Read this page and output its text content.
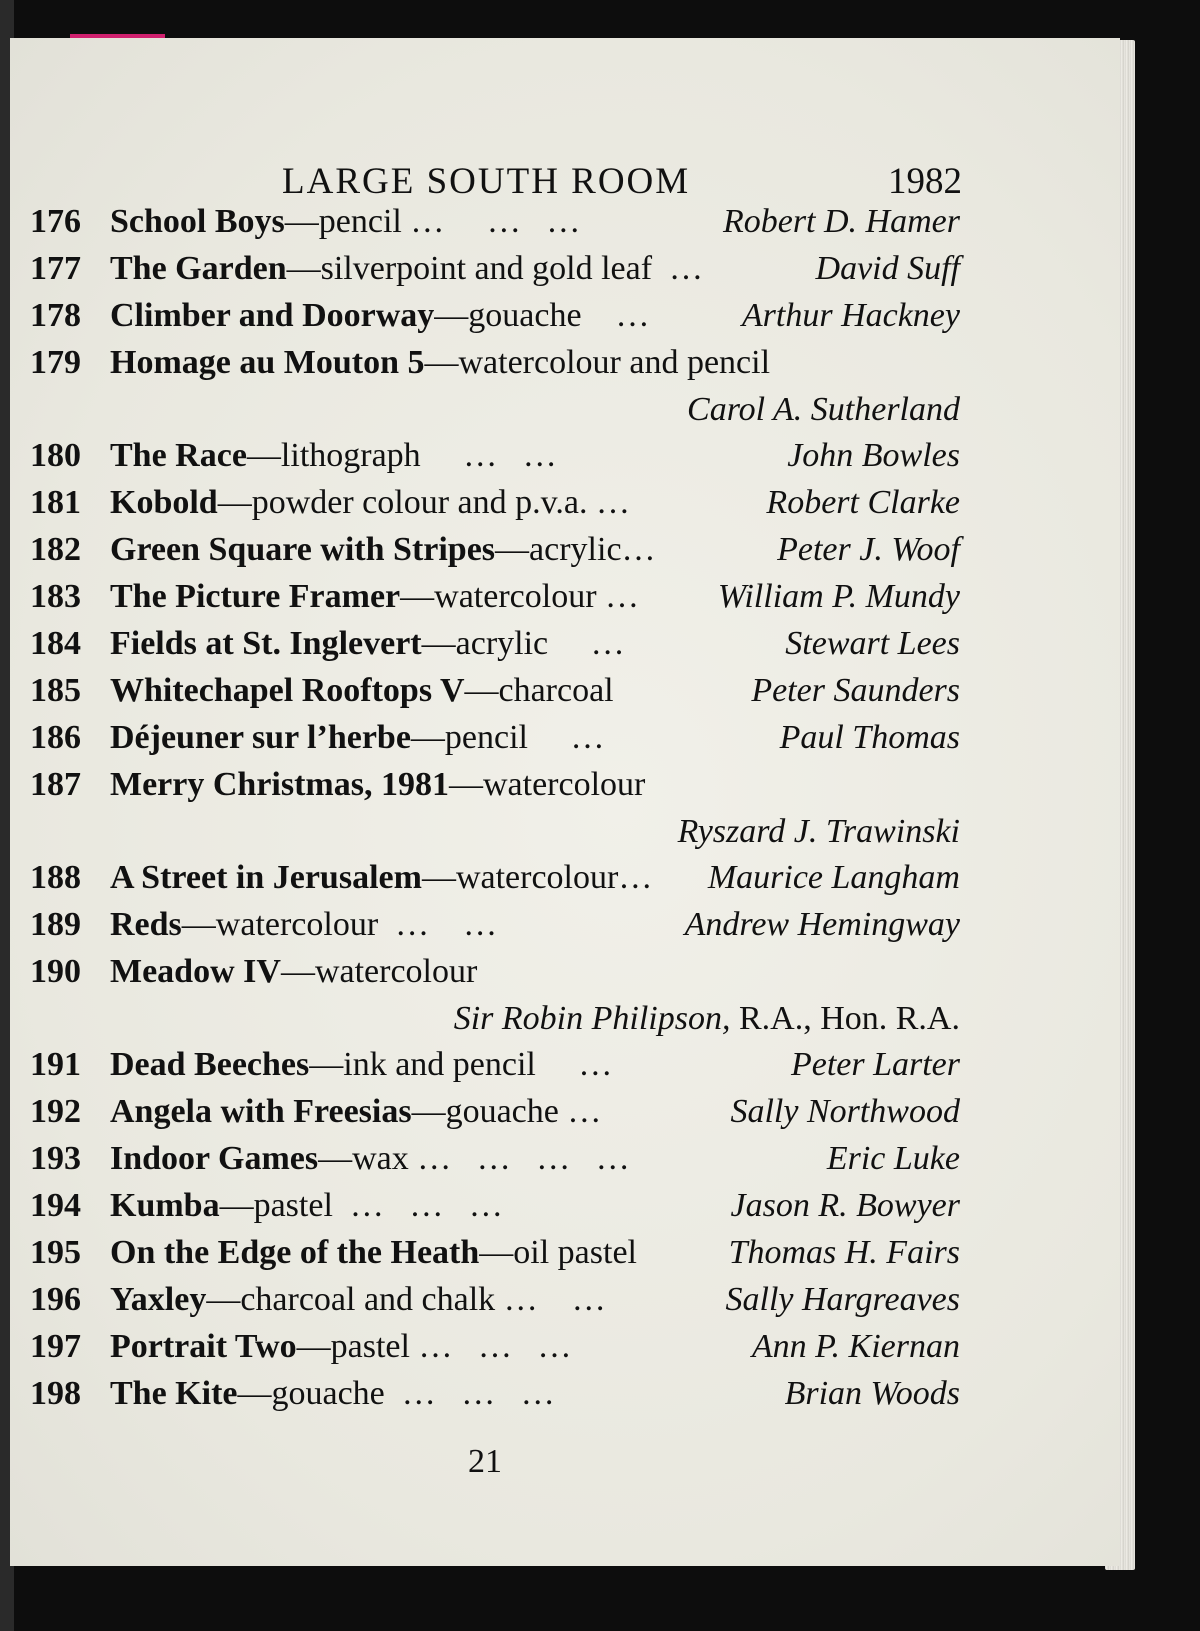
LARGE SOUTH ROOM	1982
176 School Boys—pencil …     …   …	Robert D. Hamer
177 The Garden—silverpoint and gold leaf  …	David Suff
178 Climber and Doorway—gouache    … Arthur Hackney
179 Homage au Mouton 5—watercolour and pencil
Carol A. Sutherland
180 The Race—lithograph     …   …	John Bowles
181 Kobold—powder colour and p.v.a. …	Robert Clarke
182 Green Square with Stripes—acrylic…	Peter J. Woof
183 The Picture Framer—watercolour … William P. Mundy
184 Fields at St. Inglevert—acrylic     …	Stewart Lees
185 Whitechapel Rooftops V—charcoal	Peter Saunders
186 Déjeuner sur l’herbe—pencil     …	Paul Thomas
187 Merry Christmas, 1981—watercolour
Ryszard J. Trawinski
188 A Street in Jerusalem—watercolour… Maurice Langham
189 Reds—watercolour  …    …	Andrew Hemingway
190 Meadow IV—watercolour
Sir Robin Philipson, R.A., Hon. R.A.
191 Dead Beeches—ink and pencil     …	Peter Larter
192 Angela with Freesias—gouache …	Sally Northwood
193 Indoor Games—wax …   …   …   …	Eric Luke
194 Kumba—pastel  …   …   …	Jason R. Bowyer
195 On the Edge of the Heath—oil pastel	Thomas H. Fairs
196 Yaxley—charcoal and chalk …    …	Sally Hargreaves
197 Portrait Two—pastel …   …   …	Ann P. Kiernan
198 The Kite—gouache  …   …   …	Brian Woods
21
